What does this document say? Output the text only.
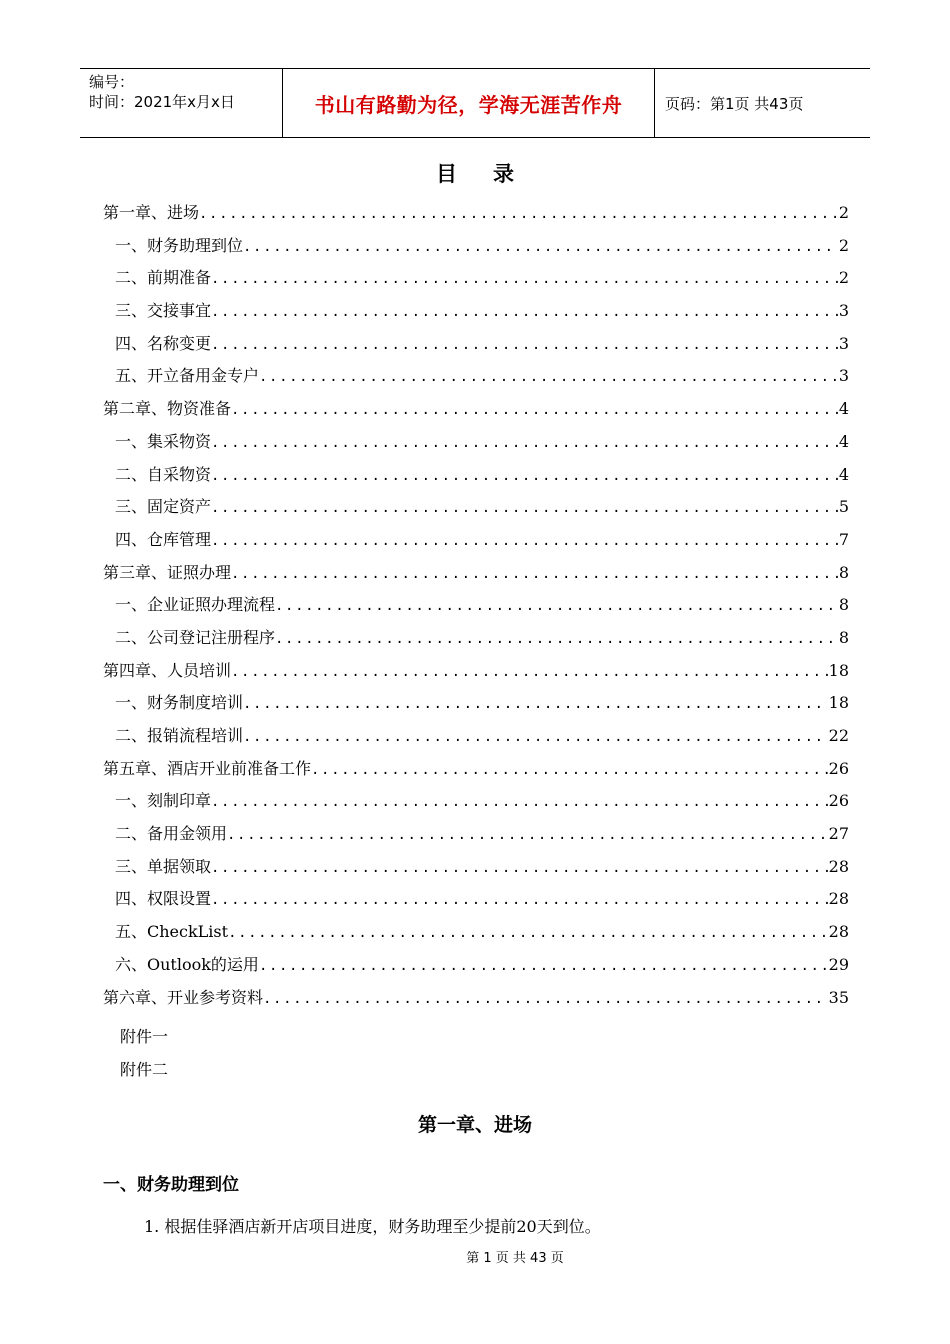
编号：
时间：2021年x月x日	书山有路勤为径，学海无涯苦作舟	页码：第1页 共43页
目 录
第一章、进场 .....	2
一、财务助理到位 .....	2
二、前期准备 .....	2
三、交接事宜 .....	3
四、名称变更 .....	3
五、开立备用金专户 .....	3
第二章、物资准备 .....	4
一、集采物资 .....	4
二、自采物资 .....	4
三、固定资产 .....	5
四、仓库管理 .....	7
第三章、证照办理 .....	8
一、企业证照办理流程 .....	8
二、公司登记注册程序 .....	8
第四章、人员培训 .....	18
一、财务制度培训 .....	18
二、报销流程培训 .....	22
第五章、酒店开业前准备工作 .....	26
一、刻制印章 .....	26
二、备用金领用 .....	27
三、单据领取 .....	28
四、权限设置 .....	28
五、CheckList .....	28
六、Outlook的运用 .....	29
第六章、开业参考资料 .....	35
附件一
附件二
第一章、进场
一、财务助理到位
1. 根据佳驿酒店新开店项目进度，财务助理至少提前20天到位。
第 1 页 共 43 页
